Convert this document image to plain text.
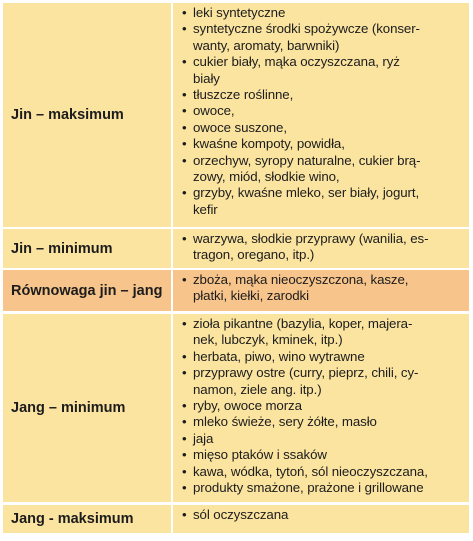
Jin – maksimum
• leki syntetyczne
• syntetyczne środki spożywcze (konser-
wanty, aromaty, barwniki)
• cukier biały, mąka oczyszczana, ryż
biały
• tłuszcze roślinne,
• owoce,
• owoce suszone,
• kwaśne kompoty, powidła,
• orzechyw, syropy naturalne, cukier brą-
zowy, miód, słodkie wino,
• grzyby, kwaśne mleko, ser biały, jogurt,
kefir
Jin – minimum
• warzywa, słodkie przyprawy (wanilia, es-
tragon, oregano, itp.)
Równowaga jin – jang
• zboża, mąka nieoczyszczona, kasze,
płatki, kiełki, zarodki
Jang – minimum
• zioła pikantne (bazylia, koper, majera-
nek, lubczyk, kminek, itp.)
• herbata, piwo, wino wytrawne
• przyprawy ostre (curry, pieprz, chili, cy-
namon, ziele ang. itp.)
• ryby, owoce morza
• mleko świeże, sery żółte, masło
• jaja
• mięso ptaków i ssaków
• kawa, wódka, tytoń, sól nieoczyszczana,
• produkty smażone, prażone i grillowane
Jang - maksimum
•	sól oczyszczana
